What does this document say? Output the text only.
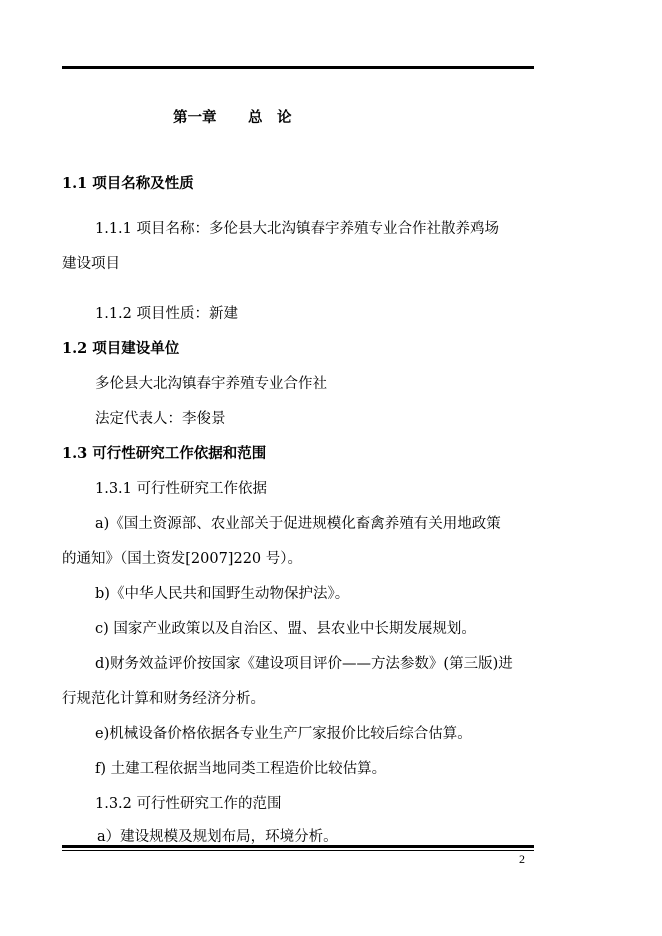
第一章 总　论
1.1 项目名称及性质
1.1.1 项目名称：多伦县大北沟镇春宇养殖专业合作社散养鸡场
建设项目
1.1.2 项目性质：新建
1.2 项目建设单位
多伦县大北沟镇春宇养殖专业合作社
法定代表人：李俊景
1.3 可行性研究工作依据和范围
1.3.1 可行性研究工作依据
a)《国土资源部、农业部关于促进规模化畜禽养殖有关用地政策
的通知》（国土资发[2007]220 号）。
b)《中华人民共和国野生动物保护法》。
c) 国家产业政策以及自治区、盟、县农业中长期发展规划。
d)财务效益评价按国家《建设项目评价——方法参数》(第三版)进
行规范化计算和财务经济分析。
e)机械设备价格依据各专业生产厂家报价比较后综合估算。
f) 土建工程依据当地同类工程造价比较估算。
1.3.2 可行性研究工作的范围
a）建设规模及规划布局，环境分析。
2
